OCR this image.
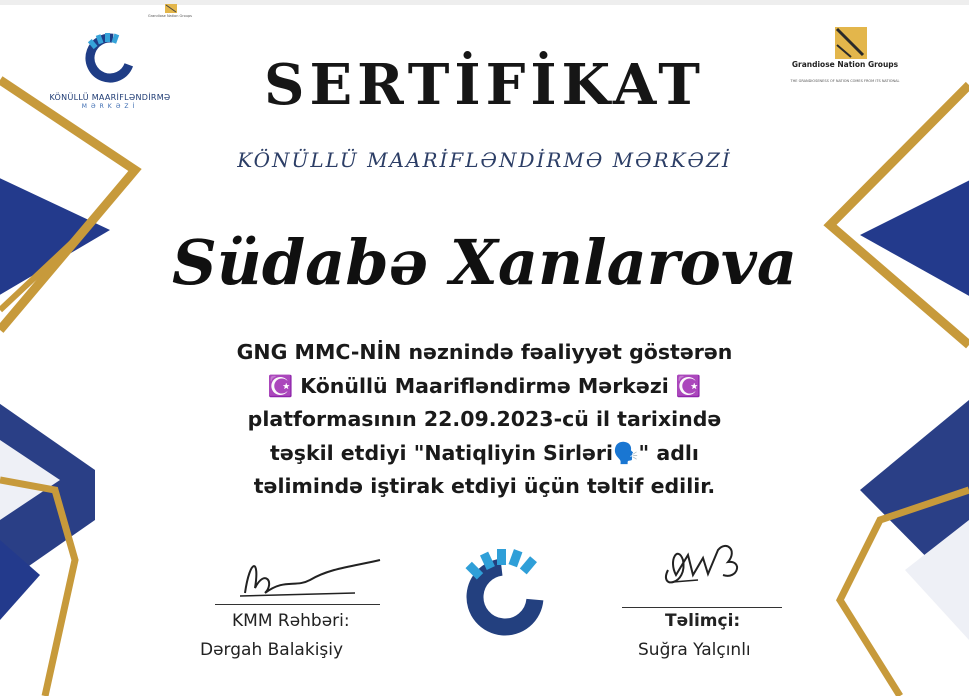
Grandiose Nation Groups
KÖNÜLLÜ MAARİFLƏNDİRMƏ
MƏRKƏZİ
Grandiose Nation Groups
THE GRANDIOSENESS OF NATION COMES FROM ITS NATIONAL
SERTİFİKAT
KÖNÜLLÜ MAARİFLƏNDİRMƏ MƏRKƏZİ
Südabə Xanlarova
GNG MMC-NİN nəznində fəaliyyət göstərən
☪️ Könüllü Maarifləndirmə Mərkəzi ☪️
platformasının 22.09.2023-cü il tarixində
təşkil etdiyi "Natiqliyin Sirləri🗣️" adlı
təlimində iştirak etdiyi üçün təltif edilir.
KMM Rəhbəri:
Dərgah Balakişiy
Təlimçi:
Suğra Yalçınlı
